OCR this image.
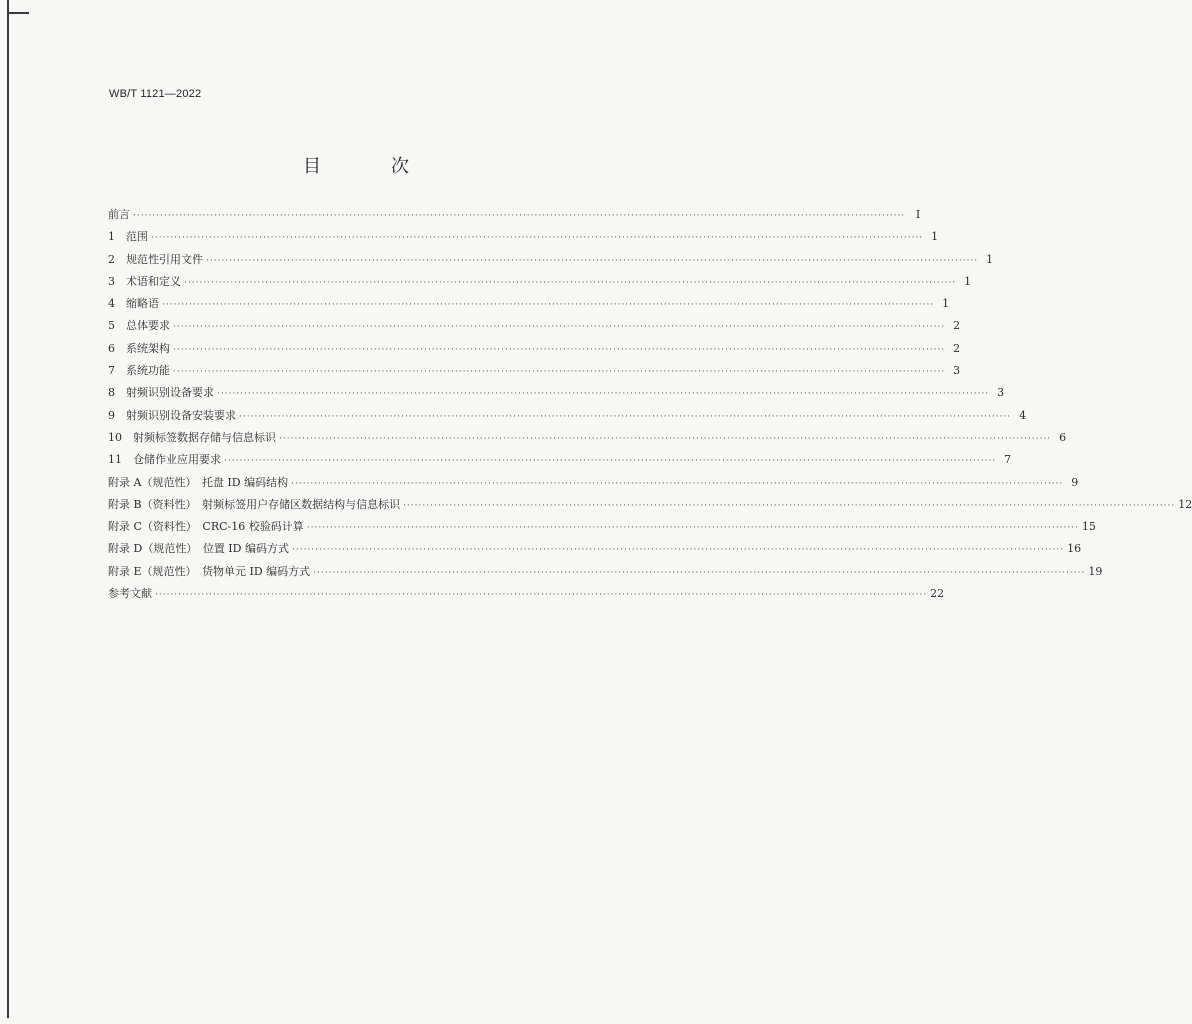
WB/T 1121—2022
目　次
前言 ········································································································································································································ Ⅰ
1　范围 ········································································································································································································ 1
2　规范性引用文件 ········································································································································································································ 1
3　术语和定义 ········································································································································································································ 1
4　缩略语 ········································································································································································································ 1
5　总体要求 ········································································································································································································ 2
6　系统架构 ········································································································································································································ 2
7　系统功能 ········································································································································································································ 3
8　射频识别设备要求 ········································································································································································································ 3
9　射频识别设备安装要求 ········································································································································································································ 4
10　射频标签数据存储与信息标识 ········································································································································································································ 6
11　仓储作业应用要求 ········································································································································································································ 7
附录 A（规范性）　托盘 ID 编码结构 ········································································································································································································ 9
附录 B（资料性）　射频标签用户存储区数据结构与信息标识 ········································································································································································································ 12
附录 C（资料性）　CRC-16 校验码计算 ········································································································································································································ 15
附录 D（规范性）　位置 ID 编码方式 ········································································································································································································ 16
附录 E（规范性）　货物单元 ID 编码方式 ········································································································································································································ 19
参考文献 ········································································································································································································ 22
